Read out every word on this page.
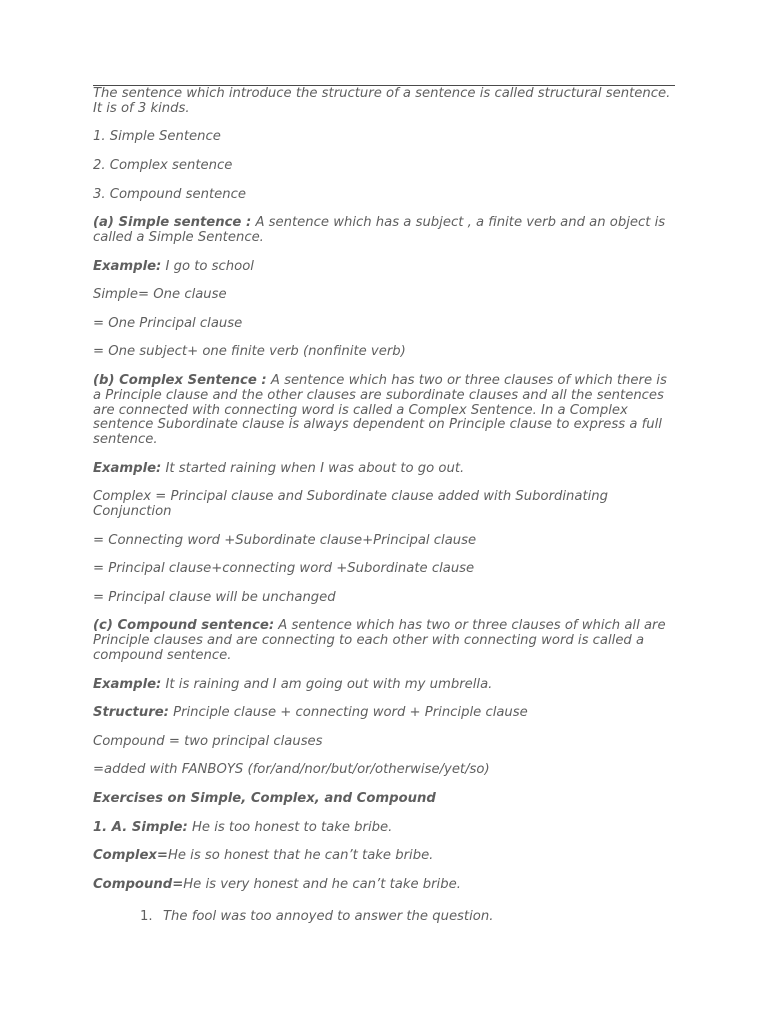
The sentence which introduce the structure of a sentence is called structural sentence. It is of 3 kinds.

1. Simple Sentence

2. Complex sentence

3. Compound sentence

(a) Simple sentence : A sentence which has a subject , a finite verb and an object is called a Simple Sentence.

Example: I go to school

Simple= One clause

= One Principal clause

= One subject+ one finite verb (nonfinite verb)

(b) Complex Sentence : A sentence which has two or three clauses of which there is a Principle clause and the other clauses are subordinate clauses and all the sentences are connected with connecting word is called a Complex Sentence. In a Complex sentence Subordinate clause is always dependent on Principle clause to express a full sentence.

Example: It started raining when I was about to go out.

Complex = Principal clause and Subordinate clause added with Subordinating Conjunction

= Connecting word +Subordinate clause+Principal clause

= Principal clause+connecting word +Subordinate clause

= Principal clause will be unchanged

(c) Compound sentence: A sentence which has two or three clauses of which all are Principle clauses and are connecting to each other with connecting word is called a compound sentence.

Example: It is raining and I am going out with my umbrella.

Structure: Principle clause + connecting word + Principle clause

Compound = two principal clauses

=added with FANBOYS (for/and/nor/but/or/otherwise/yet/so)

Exercises on Simple, Complex, and Compound

1. A. Simple: He is too honest to take bribe.

Complex=He is so honest that he can’t take bribe.

Compound=He is very honest and he can’t take bribe.

1. The fool was too annoyed to answer the question.
